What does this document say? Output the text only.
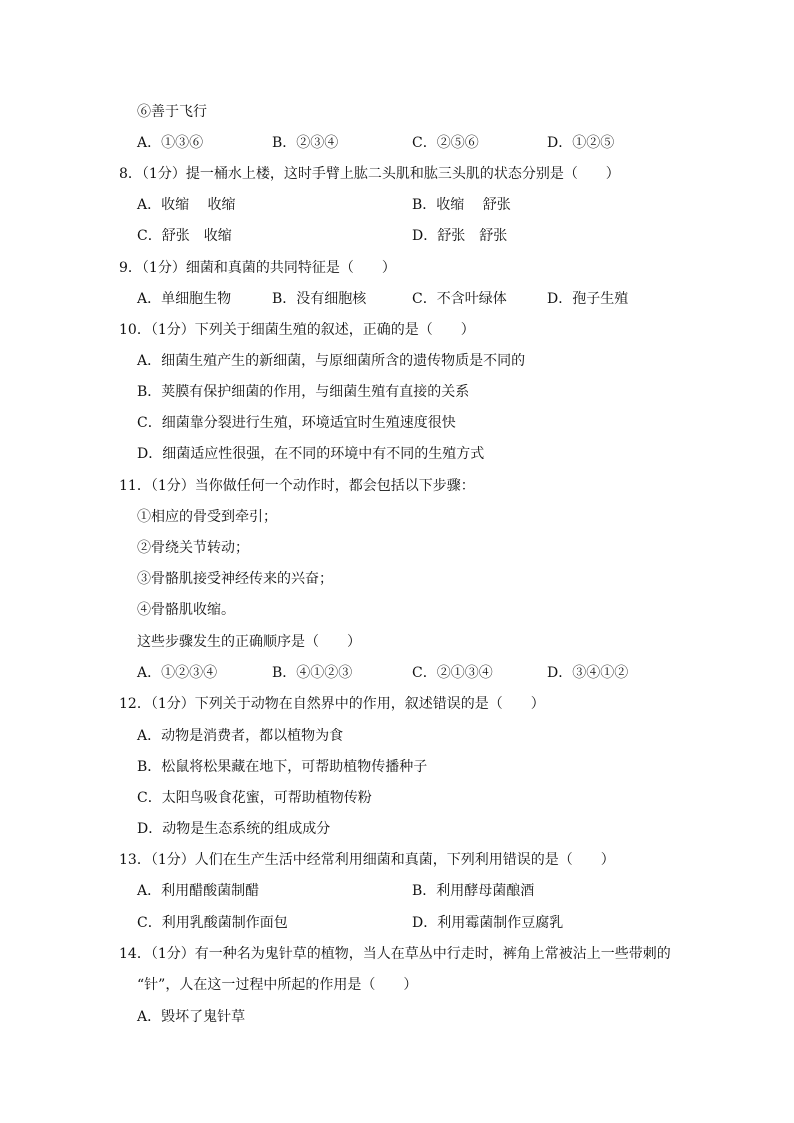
⑥善于飞行
A．①③⑥	B．②③④	C．②⑤⑥	D．①②⑤
8．（1分）提一桶水上楼，这时手臂上肱二头肌和肱三头肌的状态分别是（　　）
A．收缩　 收缩	B．收缩　 舒张
C．舒张　收缩	D．舒张　舒张
9．（1分）细菌和真菌的共同特征是（　　）
A．单细胞生物	B．没有细胞核	C．不含叶绿体	D．孢子生殖
10．（1分）下列关于细菌生殖的叙述，正确的是（　　）
A．细菌生殖产生的新细菌，与原细菌所含的遗传物质是不同的
B．荚膜有保护细菌的作用，与细菌生殖有直接的关系
C．细菌靠分裂进行生殖，环境适宜时生殖速度很快
D．细菌适应性很强，在不同的环境中有不同的生殖方式
11．（1分）当你做任何一个动作时，都会包括以下步骤：
①相应的骨受到牵引；
②骨绕关节转动；
③骨骼肌接受神经传来的兴奋；
④骨骼肌收缩。
这些步骤发生的正确顺序是（　　）
A．①②③④	B．④①②③	C．②①③④	D．③④①②
12．（1分）下列关于动物在自然界中的作用，叙述错误的是（　　）
A．动物是消费者，都以植物为食
B．松鼠将松果藏在地下，可帮助植物传播种子
C．太阳鸟吸食花蜜，可帮助植物传粉
D．动物是生态系统的组成成分
13．（1分）人们在生产生活中经常利用细菌和真菌，下列利用错误的是（　　）
A．利用醋酸菌制醋	B．利用酵母菌酿酒
C．利用乳酸菌制作面包	D．利用霉菌制作豆腐乳
14．（1分）有一种名为鬼针草的植物，当人在草丛中行走时，裤角上常被沾上一些带刺的
“针”，人在这一过程中所起的作用是（　　）
A．毁坏了鬼针草
